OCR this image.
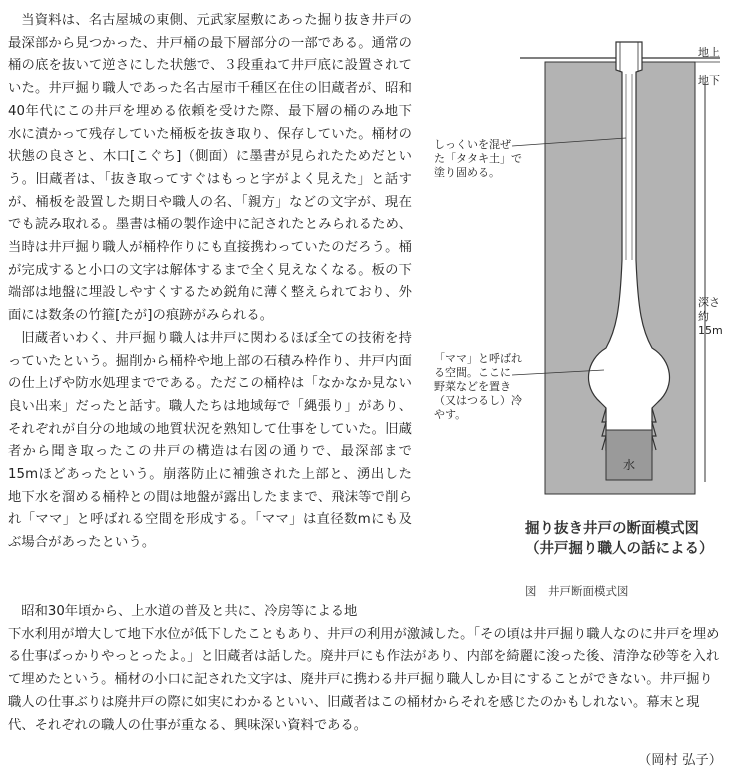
当資料は、名古屋城の東側、元武家屋敷にあった掘り抜き井戸の最深部から見つかった、井戸桶の最下層部分の一部である。通常の桶の底を抜いて逆さにした状態で、３段重ねて井戸底に設置されていた。井戸掘り職人であった名古屋市千種区在住の旧蔵者が、昭和40年代にこの井戸を埋める依頼を受けた際、最下層の桶のみ地下水に漬かって残存していた桶板を抜き取り、保存していた。桶材の状態の良さと、木口[こぐち]（側面）に墨書が見られたためだという。旧蔵者は、「抜き取ってすぐはもっと字がよく見えた」と話すが、桶板を設置した期日や職人の名、「親方」などの文字が、現在でも読み取れる。墨書は桶の製作途中に記されたとみられるため、当時は井戸掘り職人が桶枠作りにも直接携わっていたのだろう。桶が完成すると小口の文字は解体するまで全く見えなくなる。板の下端部は地盤に埋設しやすくするため鋭角に薄く整えられており、外面には数条の竹箍[たが]の痕跡がみられる。

旧蔵者いわく、井戸掘り職人は井戸に関わるほぼ全ての技術を持っていたという。掘削から桶枠や地上部の石積み枠作り、井戸内面の仕上げや防水処理までである。ただこの桶枠は「なかなか見ない良い出来」だったと話す。職人たちは地域毎で「縄張り」があり、それぞれが自分の地域の地質状況を熟知して仕事をしていた。旧蔵者から聞き取ったこの井戸の構造は右図の通りで、最深部まで15mほどあったという。崩落防止に補強された上部と、湧出した地下水を溜める桶枠との間は地盤が露出したままで、飛沫等で削られ「ママ」と呼ばれる空間を形成する。「ママ」は直径数mにも及ぶ場合があったという。

地上
地下
しっくいを混ぜ
た「タタキ土」で
塗り固める。
深さ
約15m
「ママ」と呼ばれ
る空間。ここに
野菜などを置き
（又はつるし）冷
やす。
水
掘り抜き井戸の断面模式図
（井戸掘り職人の話による）
図　井戸断面模式図

昭和30年頃から、上水道の普及と共に、冷房等による地

下水利用が増大して地下水位が低下したこともあり、井戸の利用が激減した。「その頃は井戸掘り職人なのに井戸を埋める仕事ばっかりやっとったよ。」と旧蔵者は話した。廃井戸にも作法があり、内部を綺麗に浚った後、清浄な砂等を入れて埋めたという。桶材の小口に記された文字は、廃井戸に携わる井戸掘り職人しか目にすることができない。井戸掘り職人の仕事ぶりは廃井戸の際に如実にわかるといい、旧蔵者はこの桶材からそれを感じたのかもしれない。幕末と現代、それぞれの職人の仕事が重なる、興味深い資料である。

（岡村 弘子）
